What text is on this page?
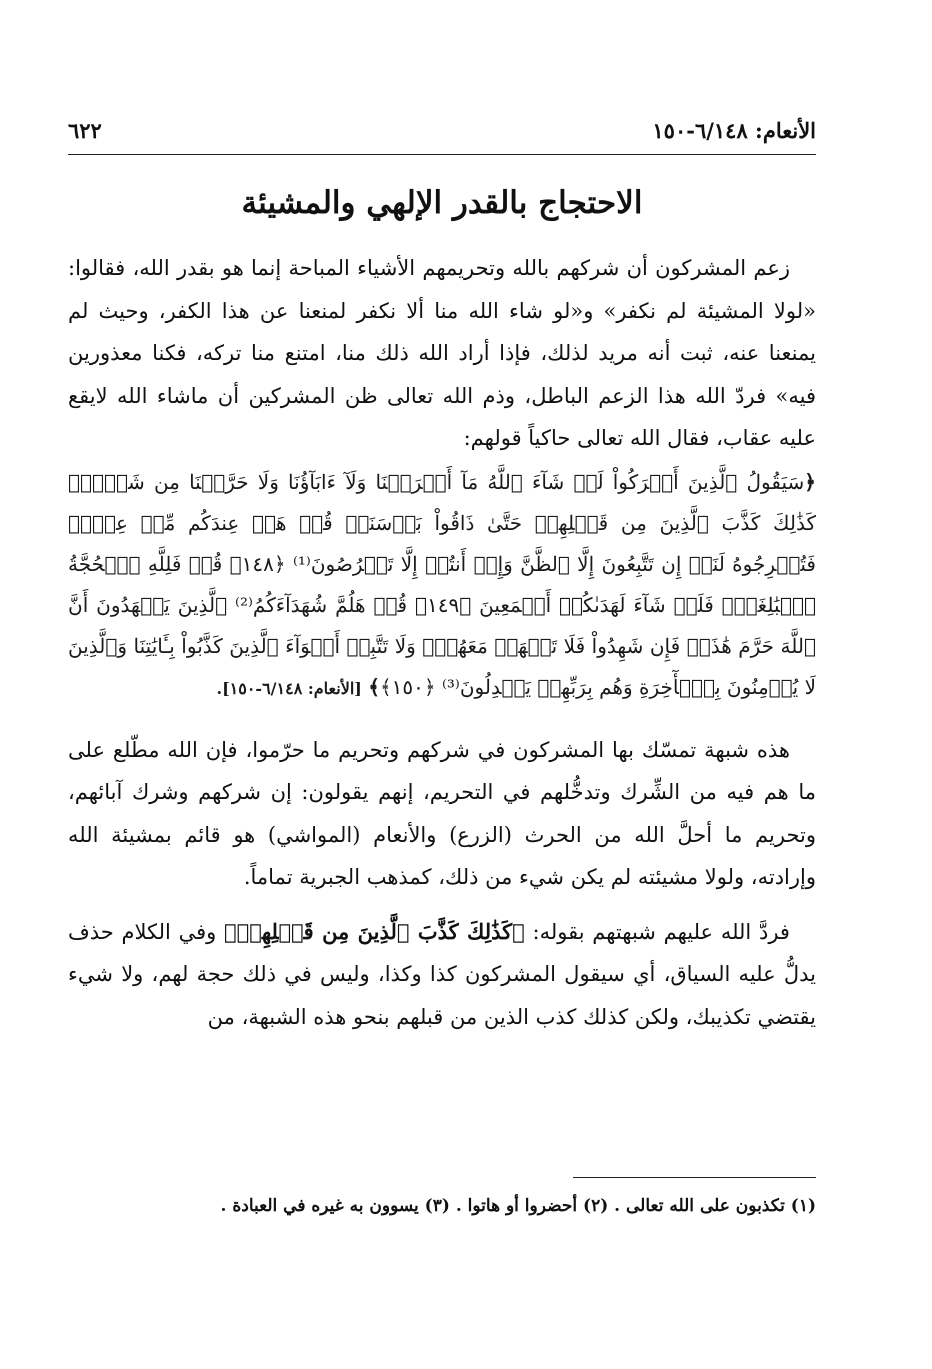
الأنعام: ٦/١٤٨-١٥٠
٦٢٢
الاحتجاج بالقدر الإلهي والمشيئة

زعم المشركون أن شركهم بالله وتحريمهم الأشياء المباحة إنما هو بقدر الله، فقالوا: «لولا المشيئة لم نكفر» و«لو شاء الله منا ألا نكفر لمنعنا عن هذا الكفر، وحيث لم يمنعنا عنه، ثبت أنه مريد لذلك، فإذا أراد الله ذلك منا، امتنع منا تركه، فكنا معذورين فيه» فردّ الله هذا الزعم الباطل، وذم الله تعالى ظن المشركين أن ماشاء الله لايقع عليه عقاب، فقال الله تعالى حاكياً قولهم:

﴿سَيَقُولُ ٱلَّذِينَ أَشۡرَكُواْ لَوۡ شَآءَ ٱللَّهُ مَآ أَشۡرَكۡنَا وَلَآ ءَابَآؤُنَا وَلَا حَرَّمۡنَا مِن شَيۡءٖۚ كَذَٰلِكَ كَذَّبَ ٱلَّذِينَ مِن قَبۡلِهِمۡ حَتَّىٰ ذَاقُواْ بَأۡسَنَاۗ قُلۡ هَلۡ عِندَكُم مِّنۡ عِلۡمٖ فَتُخۡرِجُوهُ لَنَآۖ إِن تَتَّبِعُونَ إِلَّا ٱلظَّنَّ وَإِنۡ أَنتُمۡ إِلَّا تَخۡرُصُونَ⁽¹⁾ ﴿١٤٨﴾ قُلۡ فَلِلَّهِ ٱلۡحُجَّةُ ٱلۡبَٰلِغَةُۖ فَلَوۡ شَآءَ لَهَدَىٰكُمۡ أَجۡمَعِينَ ﴿١٤٩﴾ قُلۡ هَلُمَّ شُهَدَآءَكُمُ⁽²⁾ ٱلَّذِينَ يَشۡهَدُونَ أَنَّ ٱللَّهَ حَرَّمَ هَٰذَاۖ فَإِن شَهِدُواْ فَلَا تَشۡهَدۡ مَعَهُمۡۚ وَلَا تَتَّبِعۡ أَهۡوَآءَ ٱلَّذِينَ كَذَّبُواْ بِـَٔايَٰتِنَا وَٱلَّذِينَ لَا يُؤۡمِنُونَ بِٱلۡأٓخِرَةِ وَهُم بِرَبِّهِمۡ يَعۡدِلُونَ⁽³⁾ ﴿١٥٠﴾﴾ [الأنعام: ٦/١٤٨-١٥٠].

هذه شبهة تمسّك بها المشركون في شركهم وتحريم ما حرّموا، فإن الله مطّلع على ما هم فيه من الشِّرك وتدخُّلهم في التحريم، إنهم يقولون: إن شركهم وشرك آبائهم، وتحريم ما أحلَّ الله من الحرث (الزرع) والأنعام (المواشي) هو قائم بمشيئة الله وإرادته، ولولا مشيئته لم يكن شيء من ذلك، كمذهب الجبرية تماماً.

فردَّ الله عليهم شبهتهم بقوله: ﴿كَذَٰلِكَ كَذَّبَ ٱلَّذِينَ مِن قَبۡلِهِمۡ﴾ وفي الكلام حذف يدلُّ عليه السياق، أي سيقول المشركون كذا وكذا، وليس في ذلك حجة لهم، ولا شيء يقتضي تكذيبك، ولكن كذلك كذب الذين من قبلهم بنحو هذه الشبهة، من

(١) تكذبون على الله تعالى . (٢) أحضروا أو هاتوا . (٣) يسوون به غيره في العبادة .
